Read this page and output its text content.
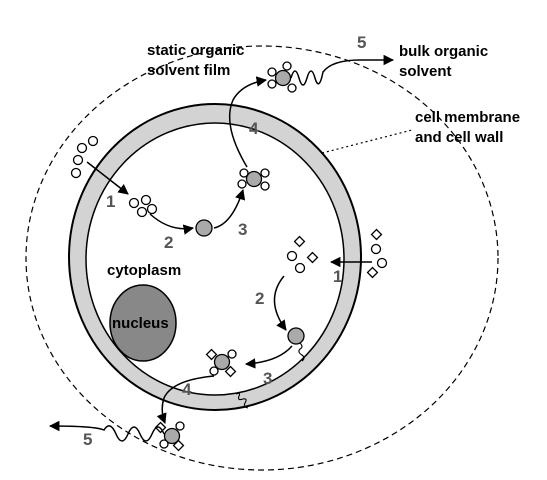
static organic
solvent film
bulk organic
solvent
cell membrane
and cell wall
cytoplasm
nucleus
1
2
3
4
5
1
2
3
4
5
